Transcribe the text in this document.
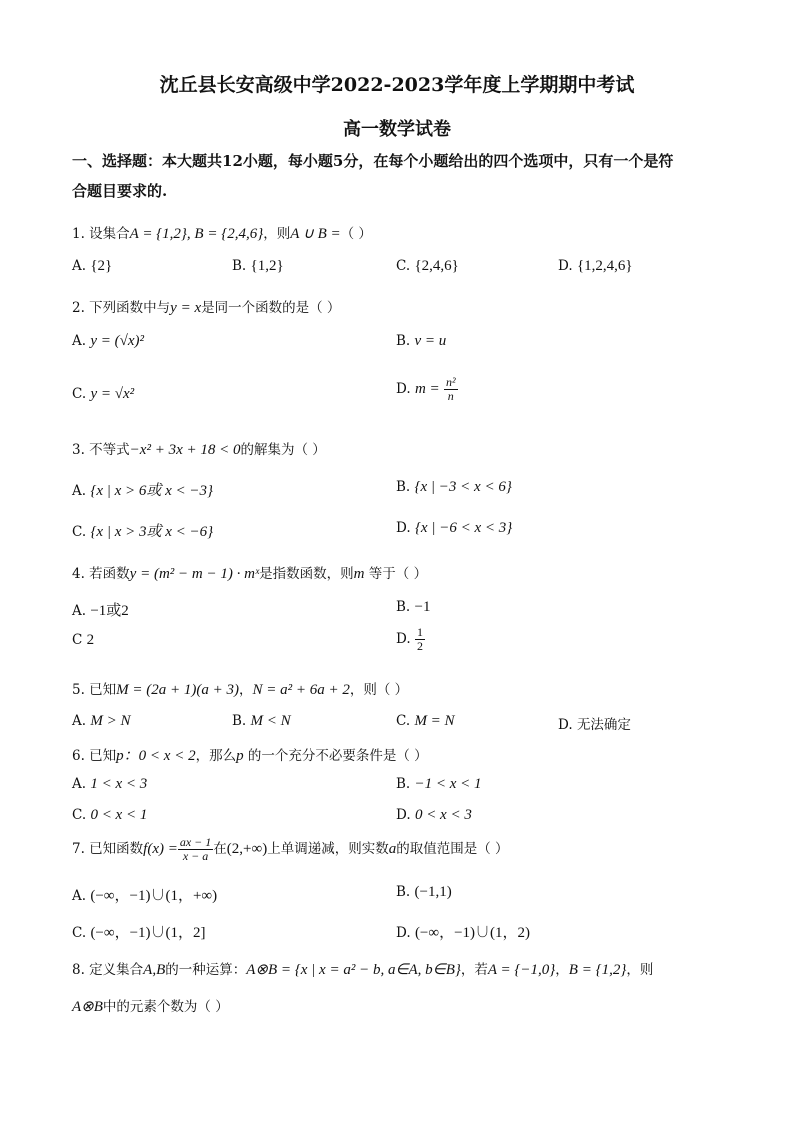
沈丘县长安高级中学2022-2023学年度上学期期中考试
高一数学试卷
一、选择题：本大题共12小题，每小题5分，在每个小题给出的四个选项中，只有一个是符
合题目要求的.
1. 设集合A = {1,2}, B = {2,4,6}，则A ∪ B =（ ）
A. {2}	B. {1,2}	C. {2,4,6}	D. {1,2,4,6}
2. 下列函数中与y = x是同一个函数的是（ ）
A. y = (√x)²	B. v = u
C. y = √x²	D. $m = \frac{\text{n²}}{n}$
3. 不等式−x² + 3x + 18 < 0的解集为（ ）
A. {x | x > 6或 x < −3}	B. {x | −3 < x < 6}
C. {x | x > 3或 x < −6}	D. {x | −6 < x < 3}
4. 若函数y = (m² − m − 1) · mˣ是指数函数，则m 等于（ ）
A. −1或2	B. −1
C 2	D. $\frac{1}{2}$
5. 已知M = (2a + 1)(a + 3)，N = a² + 6a + 2，则（ ）
A. M > N	B. M < N	C. M = N	D. 无法确定
6. 已知p：0 < x < 2，那么p 的一个充分不必要条件是（ ）
A. 1 < x < 3	B. −1 < x < 1
C. 0 < x < 1	D. 0 < x < 3
7. 已知函数$f(x) = \frac{ax - 1}{x - a}$ 在(2,+∞)上单调递减，则实数a的取值范围是（ ）
A. (−∞，−1)∪(1，+∞)	B. (−1,1)
C. (−∞，−1)∪(1，2]	D. (−∞，−1)∪(1，2)
8. 定义集合A,B的一种运算：A⊗B = {x | x = a² − b, a∈A, b∈B}，若A = {−1,0}，B = {1,2}，则
A⊗B中的元素个数为（ ）
